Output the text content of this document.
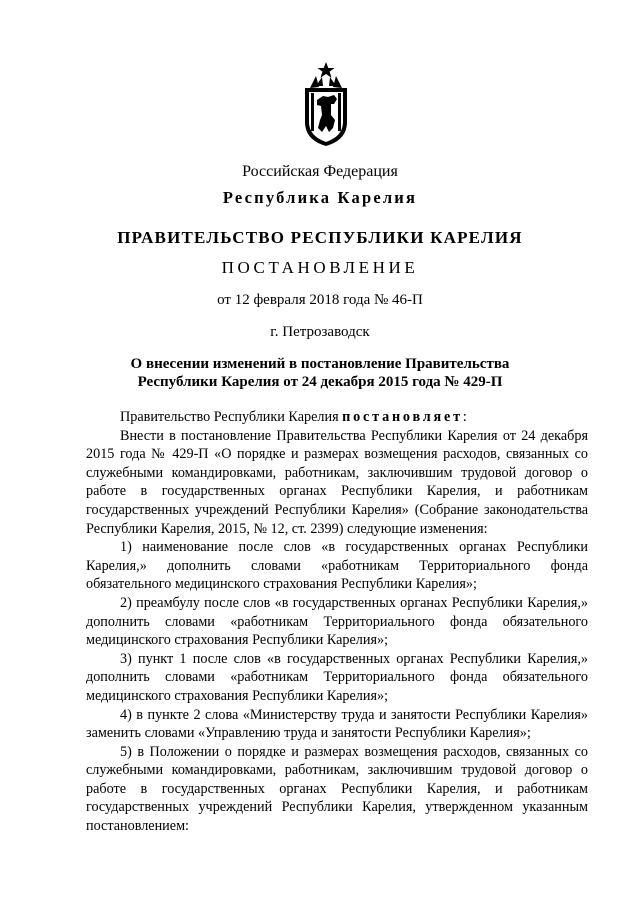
Российская Федерация
Республика Карелия
ПРАВИТЕЛЬСТВО РЕСПУБЛИКИ КАРЕЛИЯ
ПОСТАНОВЛЕНИЕ
от 12 февраля 2018 года № 46-П
г. Петрозаводск
О внесении изменений в постановление Правительства
Республики Карелия от 24 декабря 2015 года № 429-П

Правительство Республики Карелия постановляет:

Внести в постановление Правительства Республики Карелия от 24 декабря 2015 года № 429-П «О порядке и размерах возмещения расходов, связанных со служебными командировками, работникам, заключившим трудовой договор о работе в государственных органах Республики Карелия, и работникам государственных учреждений Республики Карелия» (Собрание законодательства Республики Карелия, 2015, № 12, ст. 2399) следующие изменения:

1) наименование после слов «в государственных органах Республики Карелия,» дополнить словами «работникам Территориального фонда обязательного медицинского страхования Республики Карелия»;

2) преамбулу после слов «в государственных органах Республики Карелия,» дополнить словами «работникам Территориального фонда обязательного медицинского страхования Республики Карелия»;

3) пункт 1 после слов «в государственных органах Республики Карелия,» дополнить словами «работникам Территориального фонда обязательного медицинского страхования Республики Карелия»;

4) в пункте 2 слова «Министерству труда и занятости Республики Карелия» заменить словами «Управлению труда и занятости Республики Карелия»;

5) в Положении о порядке и размерах возмещения расходов, связанных со служебными командировками, работникам, заключившим трудовой договор о работе в государственных органах Республики Карелия, и работникам государственных учреждений Республики Карелия, утвержденном указанным постановлением:
